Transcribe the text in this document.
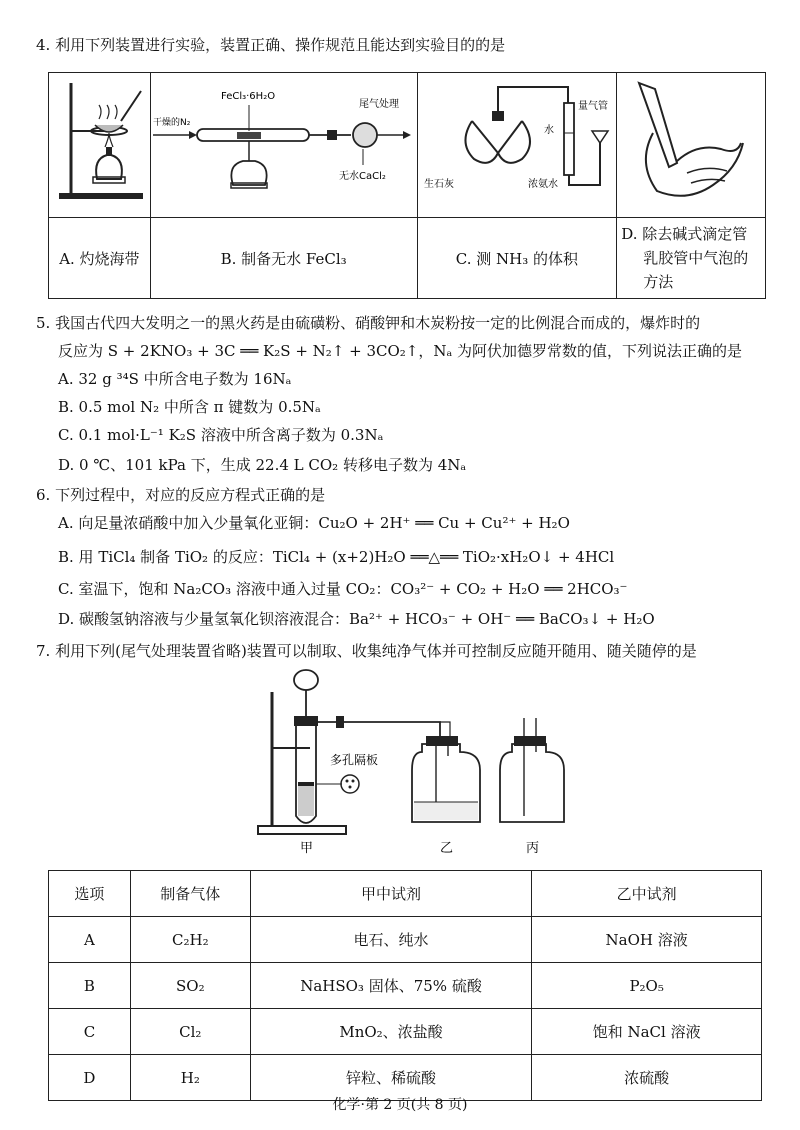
4. 利用下列装置进行实验，装置正确、操作规范且能达到实验目的的是

FeCl₃·6H₂O
干燥的N₂
尾气处理
无水CaCl₂	量气管
水
生石灰 浓氨水

A. 灼烧海带	B. 制备无水 FeCl₃	C. 测 NH₃ 的体积	D. 除去碱式滴定管
乳胶管中气泡的
方法
5. 我国古代四大发明之一的黑火药是由硫磺粉、硝酸钾和木炭粉按一定的比例混合而成的，爆炸时的
反应为 S + 2KNO₃ + 3C ══ K₂S + N₂↑ + 3CO₂↑，Nₐ 为阿伏加德罗常数的值，下列说法正确的是
A. 32 g ³⁴S 中所含电子数为 16Nₐ
B. 0.5 mol N₂ 中所含 π 键数为 0.5Nₐ
C. 0.1 mol·L⁻¹ K₂S 溶液中所含离子数为 0.3Nₐ
D. 0 ℃、101 kPa 下，生成 22.4 L CO₂ 转移电子数为 4Nₐ
6. 下列过程中，对应的反应方程式正确的是
A. 向足量浓硝酸中加入少量氧化亚铜：Cu₂O + 2H⁺ ══ Cu + Cu²⁺ + H₂O
B. 用 TiCl₄ 制备 TiO₂ 的反应：TiCl₄ + (x+2)H₂O ══△══ TiO₂·xH₂O↓ + 4HCl
C. 室温下，饱和 Na₂CO₃ 溶液中通入过量 CO₂：CO₃²⁻ + CO₂ + H₂O ══ 2HCO₃⁻
D. 碳酸氢钠溶液与少量氢氧化钡溶液混合：Ba²⁺ + HCO₃⁻ + OH⁻ ══ BaCO₃↓ + H₂O
7. 利用下列(尾气处理装置省略)装置可以制取、收集纯净气体并可控制反应随开随用、随关随停的是
多孔隔板
甲	乙	丙
选项	制备气体	甲中试剂	乙中试剂
A	C₂H₂	电石、纯水	NaOH 溶液
B	SO₂	NaHSO₃ 固体、75% 硫酸	P₂O₅
C	Cl₂	MnO₂、浓盐酸	饱和 NaCl 溶液
D	H₂	锌粒、稀硫酸	浓硫酸
化学·第 2 页(共 8 页)
